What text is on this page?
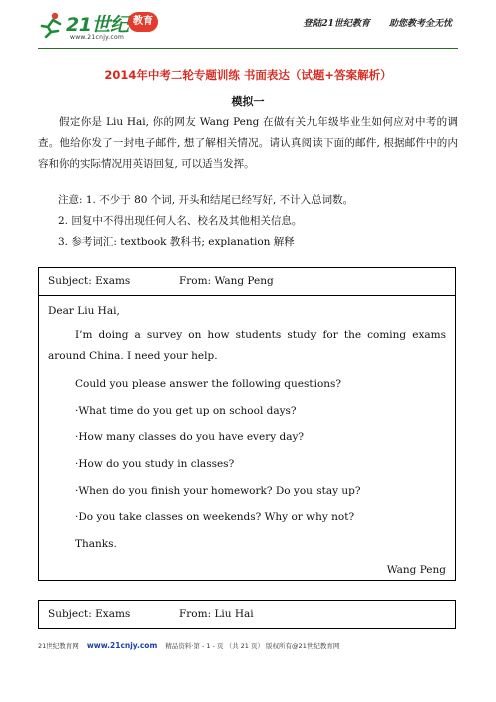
21世纪 教育
www.21cnjy.com
登陆21世纪教育 助您教考全无忧
2014年中考二轮专题训练 书面表达（试题+答案解析）
模拟一
假定你是 Liu Hai, 你的网友 Wang Peng 在做有关九年级毕业生如何应对中考的调查。他给你发了一封电子邮件, 想了解相关情况。请认真阅读下面的邮件, 根据邮件中的内容和你的实际情况用英语回复, 可以适当发挥。
注意: 1. 不少于 80 个词, 开头和结尾已经写好, 不计入总词数。
2. 回复中不得出现任何人名、校名及其他相关信息。
3. 参考词汇: textbook 教科书; explanation 解释
Subject: Exams	From: Wang Peng
Dear Liu Hai,
I’m doing a survey on how students study for the coming exams around China. I need your help.
Could you please answer the following questions?
·What time do you get up on school days?
·How many classes do you have every day?
·How do you study in classes?
·When do you finish your homework? Do you stay up?
·Do you take classes on weekends? Why or why not?
Thanks.
Wang Peng
Subject: Exams	From: Liu Hai
21世纪教育网 www.21cnjy.com 精品资料·第 - 1 - 页 （共 21 页） 版权所有@21世纪教育网
